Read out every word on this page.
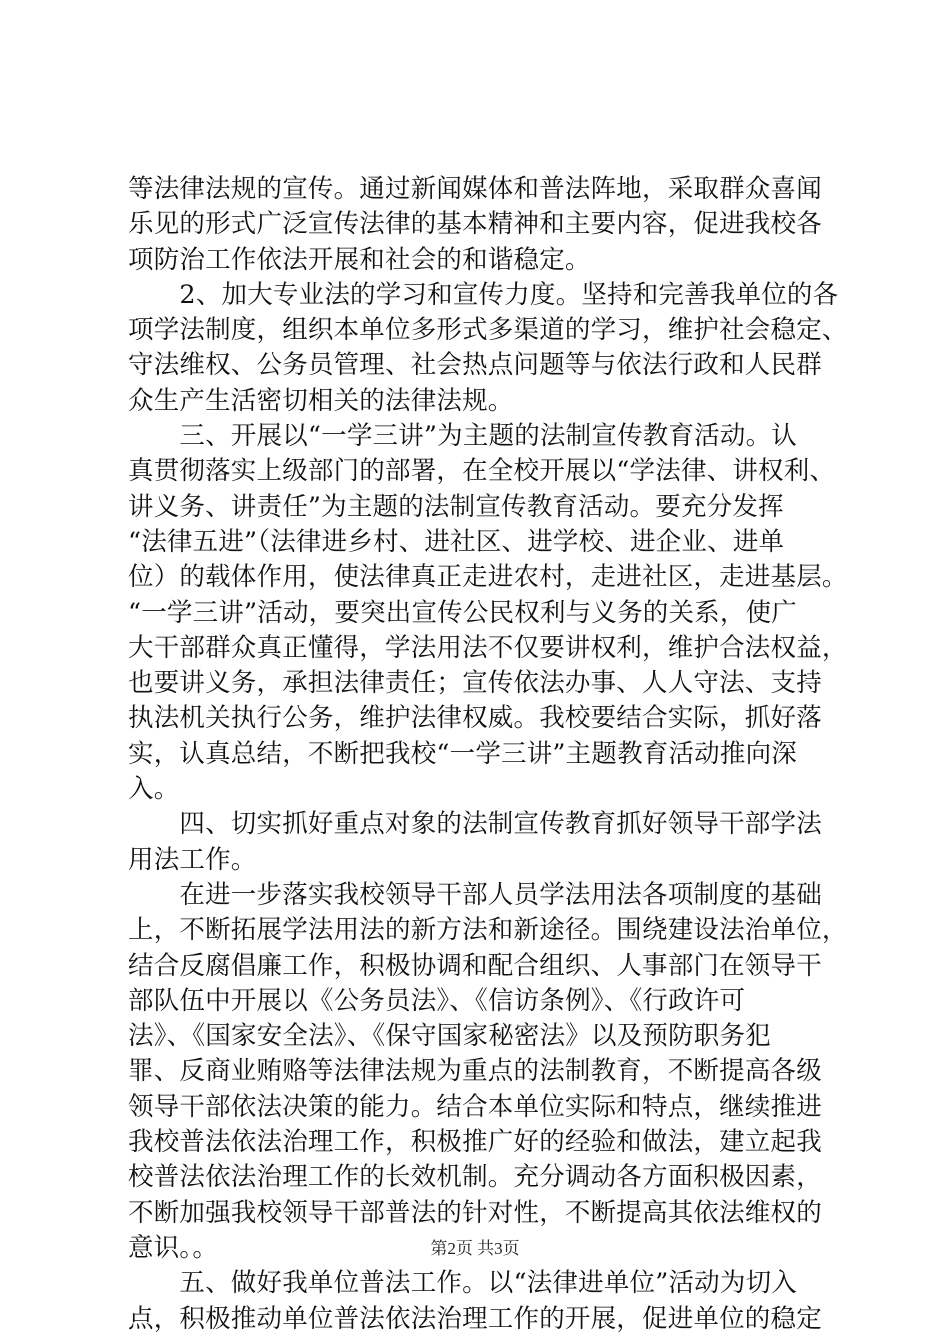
等法律法规的宣传。通过新闻媒体和普法阵地，采取群众喜闻
乐见的形式广泛宣传法律的基本精神和主要内容，促进我校各
项防治工作依法开展和社会的和谐稳定。
　　2、加大专业法的学习和宣传力度。坚持和完善我单位的各
项学法制度，组织本单位多形式多渠道的学习，维护社会稳定、
守法维权、公务员管理、社会热点问题等与依法行政和人民群
众生产生活密切相关的法律法规。
　　三、开展以“一学三讲”为主题的法制宣传教育活动。认
真贯彻落实上级部门的部署，在全校开展以“学法律、讲权利、
讲义务、讲责任”为主题的法制宣传教育活动。要充分发挥
“法律五进”（法律进乡村、进社区、进学校、进企业、进单
位）的载体作用，使法律真正走进农村，走进社区，走进基层。
“一学三讲”活动，要突出宣传公民权利与义务的关系，使广
大干部群众真正懂得，学法用法不仅要讲权利，维护合法权益，
也要讲义务，承担法律责任；宣传依法办事、人人守法、支持
执法机关执行公务，维护法律权威。我校要结合实际，抓好落
实，认真总结，不断把我校“一学三讲”主题教育活动推向深
入。
　　四、切实抓好重点对象的法制宣传教育抓好领导干部学法
用法工作。
　　在进一步落实我校领导干部人员学法用法各项制度的基础
上，不断拓展学法用法的新方法和新途径。围绕建设法治单位，
结合反腐倡廉工作，积极协调和配合组织、人事部门在领导干
部队伍中开展以《公务员法》、《信访条例》、《行政许可
法》、《国家安全法》、《保守国家秘密法》以及预防职务犯
罪、反商业贿赂等法律法规为重点的法制教育，不断提高各级
领导干部依法决策的能力。结合本单位实际和特点，继续推进
我校普法依法治理工作，积极推广好的经验和做法，建立起我
校普法依法治理工作的长效机制。充分调动各方面积极因素，
不断加强我校领导干部普法的针对性，不断提高其依法维权的
意识。。
　　五、做好我单位普法工作。以“法律进单位”活动为切入
点，积极推动单位普法依法治理工作的开展，促进单位的稳定
第2页 共3页
